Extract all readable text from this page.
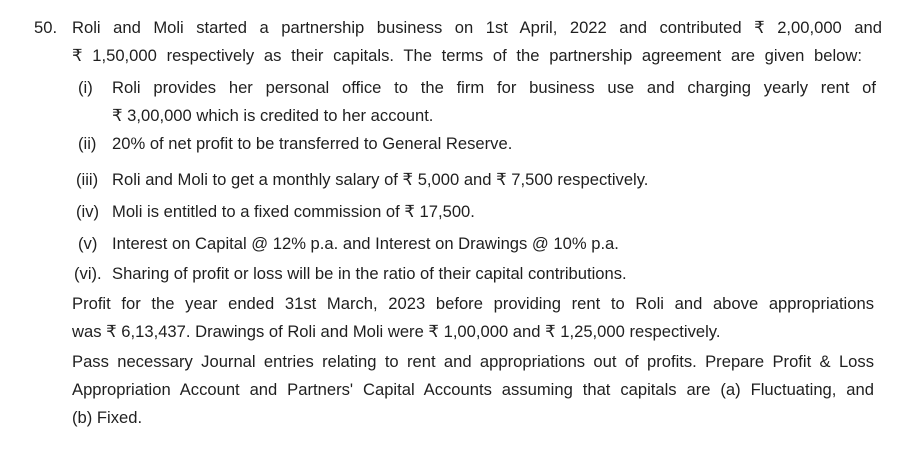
50. Roli and Moli started a partnership business on 1st April, 2022 and contributed ₹ 2,00,000 and
₹ 1,50,000 respectively as their capitals. The terms of the partnership agreement are given below:
(i) Roli provides her personal office to the firm for business use and charging yearly rent of
₹ 3,00,000 which is credited to her account.
(ii) 20% of net profit to be transferred to General Reserve.
(iii) Roli and Moli to get a monthly salary of ₹ 5,000 and ₹ 7,500 respectively.
(iv) Moli is entitled to a fixed commission of ₹ 17,500.
(v) Interest on Capital @ 12% p.a. and Interest on Drawings @ 10% p.a.
(vi). Sharing of profit or loss will be in the ratio of their capital contributions.
Profit for the year ended 31st March, 2023 before providing rent to Roli and above appropriations
was ₹ 6,13,437. Drawings of Roli and Moli were ₹ 1,00,000 and ₹ 1,25,000 respectively.
Pass necessary Journal entries relating to rent and appropriations out of profits. Prepare Profit & Loss
Appropriation Account and Partners' Capital Accounts assuming that capitals are (a) Fluctuating, and
(b) Fixed.
